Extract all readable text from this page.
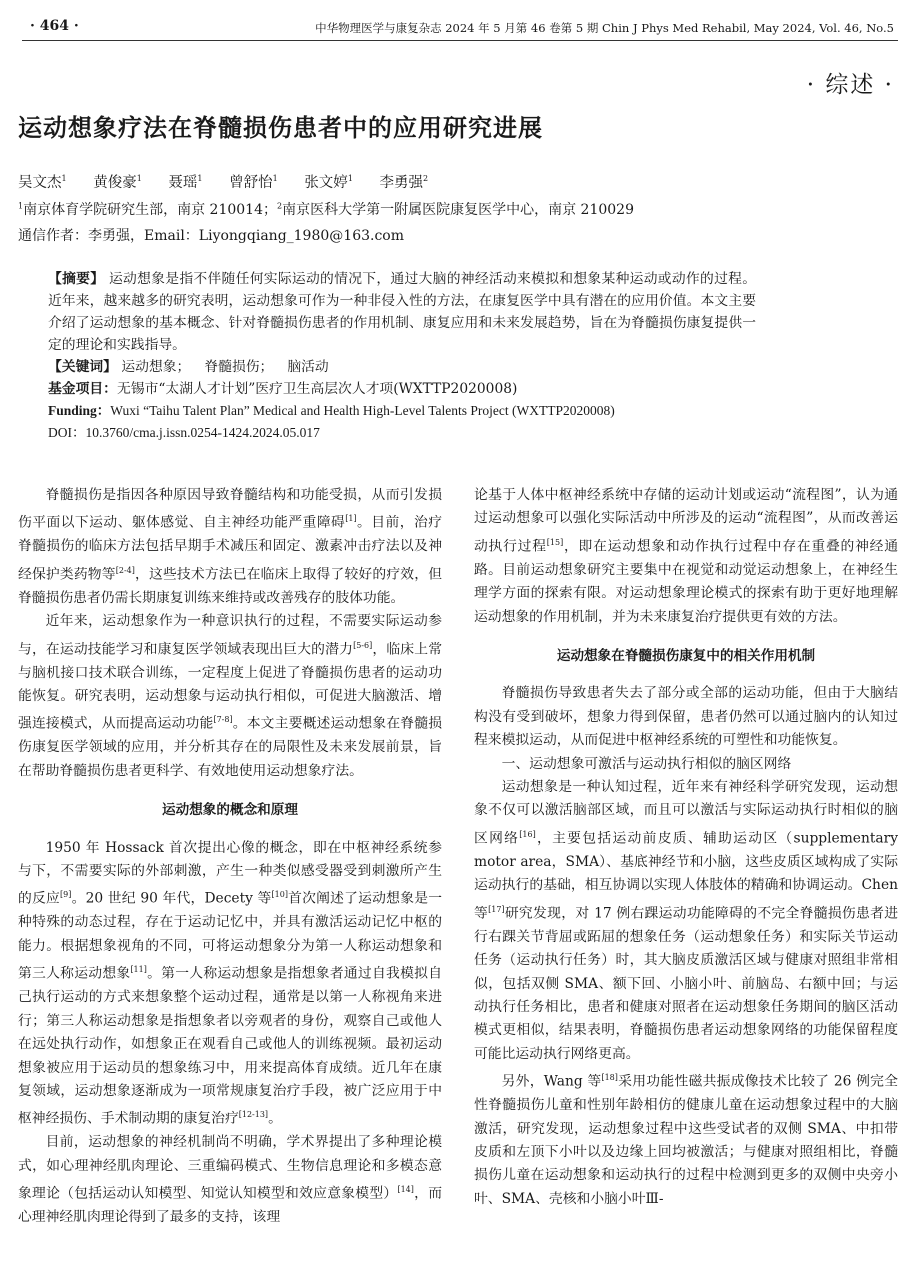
· 464 ·	中华物理医学与康复杂志 2024 年 5 月第 46 卷第 5 期 Chin J Phys Med Rehabil, May 2024, Vol. 46, No.5
· 综述 ·
运动想象疗法在脊髓损伤患者中的应用研究进展
吴文杰$^1$ 黄俊豪$^1$ 聂瑶$^1$ 曾舒怡$^1$ 张文婷$^1$ 李勇强$^2$
$^1$南京体育学院研究生部，南京 210014；$^2$南京医科大学第一附属医院康复医学中心，南京 210029
通信作者：李勇强，Email：Liyongqiang_1980@163.com

【摘要】 运动想象是指不伴随任何实际运动的情况下，通过大脑的神经活动来模拟和想象某种运动或动作的过程。近年来，越来越多的研究表明，运动想象可作为一种非侵入性的方法，在康复医学中具有潜在的应用价值。本文主要介绍了运动想象的基本概念、针对脊髓损伤患者的作用机制、康复应用和未来发展趋势，旨在为脊髓损伤康复提供一定的理论和实践指导。

【关键词】 运动想象； 脊髓损伤； 脑活动

基金项目：无锡市“太湖人才计划”医疗卫生高层次人才项(WXTTP2020008)

Funding：Wuxi “Taihu Talent Plan” Medical and Health High-Level Talents Project (WXTTP2020008)

DOI：10.3760/cma.j.issn.0254-1424.2024.05.017

脊髓损伤是指因各种原因导致脊髓结构和功能受损，从而引发损伤平面以下运动、躯体感觉、自主神经功能严重障碍[1]。目前，治疗脊髓损伤的临床方法包括早期手术减压和固定、激素冲击疗法以及神经保护类药物等[2-4]，这些技术方法已在临床上取得了较好的疗效，但脊髓损伤患者仍需长期康复训练来维持或改善残存的肢体功能。

近年来，运动想象作为一种意识执行的过程，不需要实际运动参与，在运动技能学习和康复医学领域表现出巨大的潜力[5-6]，临床上常与脑机接口技术联合训练，一定程度上促进了脊髓损伤患者的运动功能恢复。研究表明，运动想象与运动执行相似，可促进大脑激活、增强连接模式，从而提高运动功能[7-8]。本文主要概述运动想象在脊髓损伤康复医学领域的应用，并分析其存在的局限性及未来发展前景，旨在帮助脊髓损伤患者更科学、有效地使用运动想象疗法。

运动想象的概念和原理

1950 年 Hossack 首次提出心像的概念，即在中枢神经系统参与下，不需要实际的外部刺激，产生一种类似感受器受到刺激所产生的反应[9]。20 世纪 90 年代，Decety 等[10]首次阐述了运动想象是一种特殊的动态过程，存在于运动记忆中，并具有激活运动记忆中枢的能力。根据想象视角的不同，可将运动想象分为第一人称运动想象和第三人称运动想象[11]。第一人称运动想象是指想象者通过自我模拟自己执行运动的方式来想象整个运动过程，通常是以第一人称视角来进行；第三人称运动想象是指想象者以旁观者的身份，观察自己或他人在远处执行动作，如想象正在观看自己或他人的训练视频。最初运动想象被应用于运动员的想象练习中，用来提高体育成绩。近几年在康复领域，运动想象逐渐成为一项常规康复治疗手段，被广泛应用于中枢神经损伤、手术制动期的康复治疗[12-13]。

目前，运动想象的神经机制尚不明确，学术界提出了多种理论模式，如心理神经肌肉理论、三重编码模式、生物信息理论和多模态意象理论（包括运动认知模型、知觉认知模型和效应意象模型）[14]，而心理神经肌肉理论得到了最多的支持，该理

论基于人体中枢神经系统中存储的运动计划或运动“流程图”，认为通过运动想象可以强化实际活动中所涉及的运动“流程图”，从而改善运动执行过程[15]，即在运动想象和动作执行过程中存在重叠的神经通路。目前运动想象研究主要集中在视觉和动觉运动想象上，在神经生理学方面的探索有限。对运动想象理论模式的探索有助于更好地理解运动想象的作用机制，并为未来康复治疗提供更有效的方法。

运动想象在脊髓损伤康复中的相关作用机制

脊髓损伤导致患者失去了部分或全部的运动功能，但由于大脑结构没有受到破坏，想象力得到保留，患者仍然可以通过脑内的认知过程来模拟运动，从而促进中枢神经系统的可塑性和功能恢复。

一、运动想象可激活与运动执行相似的脑区网络

运动想象是一种认知过程，近年来有神经科学研究发现，运动想象不仅可以激活脑部区域，而且可以激活与实际运动执行时相似的脑区网络[16]，主要包括运动前皮质、辅助运动区（supplementary motor area，SMA）、基底神经节和小脑，这些皮质区域构成了实际运动执行的基础，相互协调以实现人体肢体的精确和协调运动。Chen 等[17]研究发现，对 17 例右踝运动功能障碍的不完全脊髓损伤患者进行右踝关节背屈或跖屈的想象任务（运动想象任务）和实际关节运动任务（运动执行任务）时，其大脑皮质激活区域与健康对照组非常相似，包括双侧 SMA、额下回、小脑小叶、前脑岛、右额中回；与运动执行任务相比，患者和健康对照者在运动想象任务期间的脑区活动模式更相似，结果表明，脊髓损伤患者运动想象网络的功能保留程度可能比运动执行网络更高。

另外，Wang 等[18]采用功能性磁共振成像技术比较了 26 例完全性脊髓损伤儿童和性别年龄相仿的健康儿童在运动想象过程中的大脑激活，研究发现，运动想象过程中这些受试者的双侧 SMA、中扣带皮质和左顶下小叶以及边缘上回均被激活；与健康对照组相比，脊髓损伤儿童在运动想象和运动执行的过程中检测到更多的双侧中央旁小叶、SMA、壳核和小脑小叶Ⅲ-
